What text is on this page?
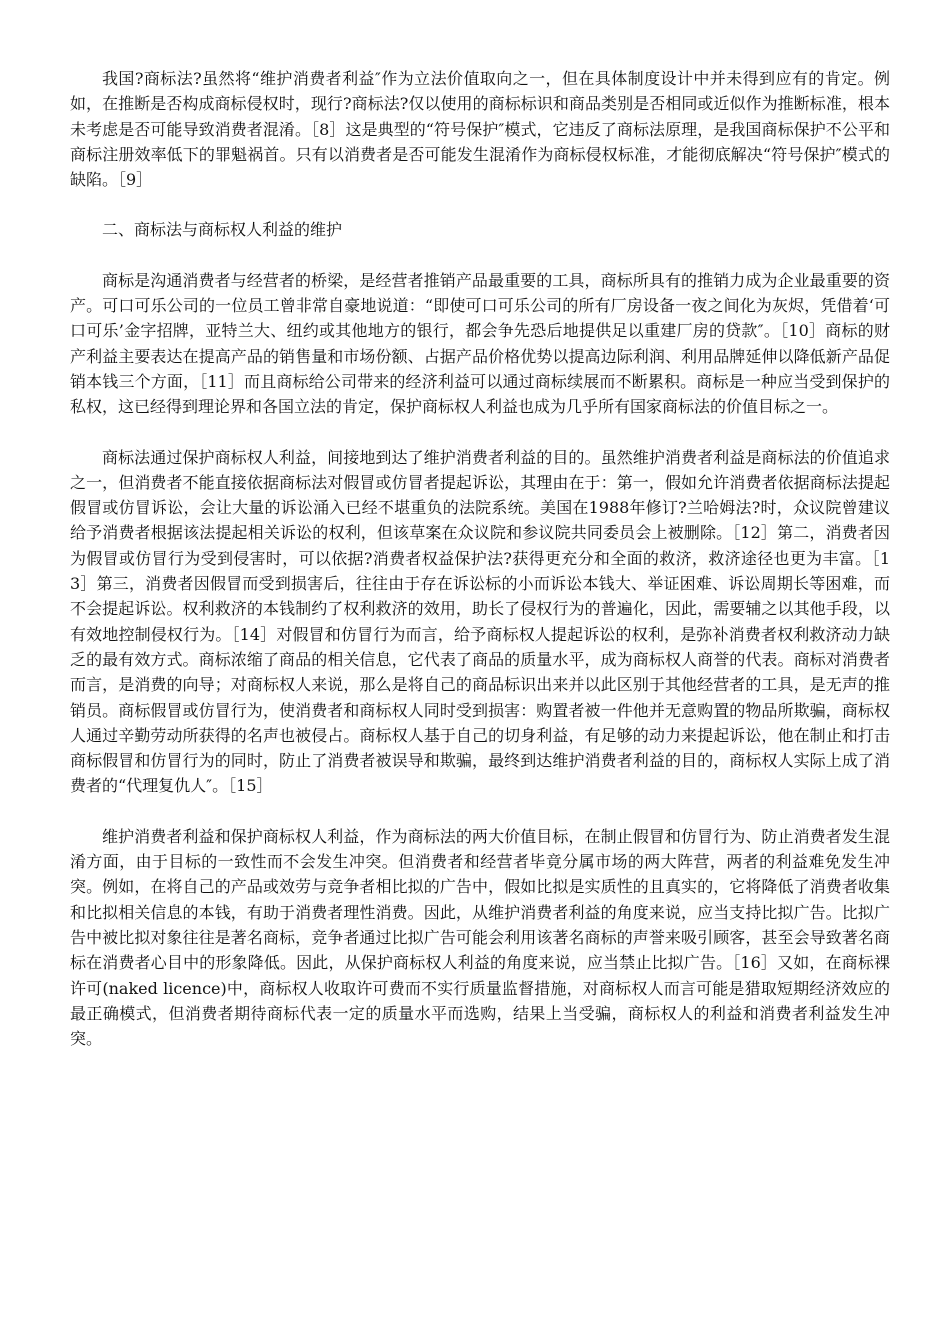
我国?商标法?虽然将“维护消费者利益″作为立法价值取向之一，但在具体制度设计中并未得到应有的肯定。例如，在推断是否构成商标侵权时，现行?商标法?仅以使用的商标标识和商品类别是否相同或近似作为推断标准，根本未考虑是否可能导致消费者混淆。［8］这是典型的“符号保护″模式，它违反了商标法原理，是我国商标保护不公平和商标注册效率低下的罪魁祸首。只有以消费者是否可能发生混淆作为商标侵权标准，才能彻底解决“符号保护″模式的缺陷。［9］

二、商标法与商标权人利益的维护

商标是沟通消费者与经营者的桥梁，是经营者推销产品最重要的工具，商标所具有的推销力成为企业最重要的资产。可口可乐公司的一位员工曾非常自豪地说道：“即使可口可乐公司的所有厂房设备一夜之间化为灰烬，凭借着‘可口可乐’金字招牌，亚特兰大、纽约或其他地方的银行，都会争先恐后地提供足以重建厂房的贷款″。［10］商标的财产利益主要表达在提高产品的销售量和市场份额、占据产品价格优势以提高边际利润、利用品牌延伸以降低新产品促销本钱三个方面，［11］而且商标给公司带来的经济利益可以通过商标续展而不断累积。商标是一种应当受到保护的私权，这已经得到理论界和各国立法的肯定，保护商标权人利益也成为几乎所有国家商标法的价值目标之一。

商标法通过保护商标权人利益，间接地到达了维护消费者利益的目的。虽然维护消费者利益是商标法的价值追求之一，但消费者不能直接依据商标法对假冒或仿冒者提起诉讼，其理由在于：第一，假如允许消费者依据商标法提起假冒或仿冒诉讼，会让大量的诉讼涌入已经不堪重负的法院系统。美国在1988年修订?兰哈姆法?时，众议院曾建议给予消费者根据该法提起相关诉讼的权利，但该草案在众议院和参议院共同委员会上被删除。［12］第二，消费者因为假冒或仿冒行为受到侵害时，可以依据?消费者权益保护法?获得更充分和全面的救济，救济途径也更为丰富。［13］第三，消费者因假冒而受到损害后，往往由于存在诉讼标的小而诉讼本钱大、举证困难、诉讼周期长等困难，而不会提起诉讼。权利救济的本钱制约了权利救济的效用，助长了侵权行为的普遍化，因此，需要辅之以其他手段，以有效地控制侵权行为。［14］对假冒和仿冒行为而言，给予商标权人提起诉讼的权利，是弥补消费者权利救济动力缺乏的最有效方式。商标浓缩了商品的相关信息，它代表了商品的质量水平，成为商标权人商誉的代表。商标对消费者而言，是消费的向导；对商标权人来说，那么是将自己的商品标识出来并以此区别于其他经营者的工具，是无声的推销员。商标假冒或仿冒行为，使消费者和商标权人同时受到损害：购置者被一件他并无意购置的物品所欺骗，商标权人通过辛勤劳动所获得的名声也被侵占。商标权人基于自己的切身利益，有足够的动力来提起诉讼，他在制止和打击商标假冒和仿冒行为的同时，防止了消费者被误导和欺骗，最终到达维护消费者利益的目的，商标权人实际上成了消费者的“代理复仇人″。［15］

维护消费者利益和保护商标权人利益，作为商标法的两大价值目标，在制止假冒和仿冒行为、防止消费者发生混淆方面，由于目标的一致性而不会发生冲突。但消费者和经营者毕竟分属市场的两大阵营，两者的利益难免发生冲突。例如，在将自己的产品或效劳与竞争者相比拟的广告中，假如比拟是实质性的且真实的，它将降低了消费者收集和比拟相关信息的本钱，有助于消费者理性消费。因此，从维护消费者利益的角度来说，应当支持比拟广告。比拟广告中被比拟对象往往是著名商标，竞争者通过比拟广告可能会利用该著名商标的声誉来吸引顾客，甚至会导致著名商标在消费者心目中的形象降低。因此，从保护商标权人利益的角度来说，应当禁止比拟广告。［16］又如，在商标裸许可(naked licence)中，商标权人收取许可费而不实行质量监督措施，对商标权人而言可能是猎取短期经济效应的最正确模式，但消费者期待商标代表一定的质量水平而选购，结果上当受骗，商标权人的利益和消费者利益发生冲突。
